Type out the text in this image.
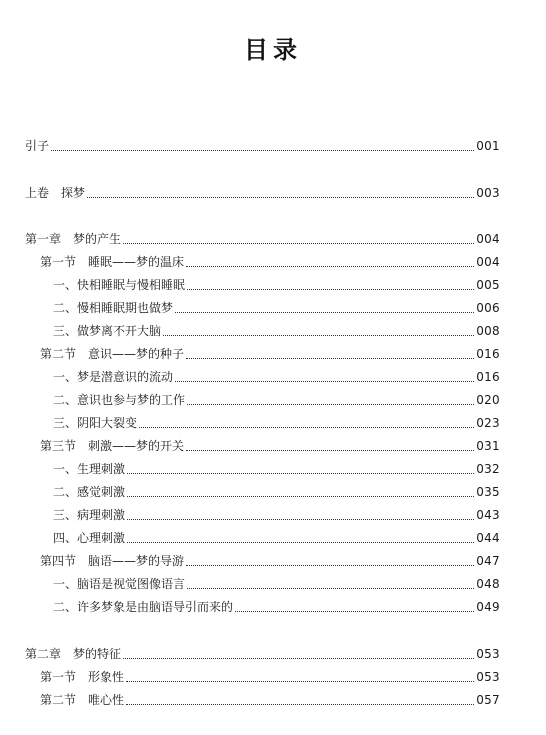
目录
引子	001
上卷　探梦	003
第一章　梦的产生	004
第一节　睡眠——梦的温床	004
一、快相睡眠与慢相睡眠	005
二、慢相睡眠期也做梦	006
三、做梦离不开大脑	008
第二节　意识——梦的种子	016
一、梦是潜意识的流动	016
二、意识也参与梦的工作	020
三、阴阳大裂变	023
第三节　刺激——梦的开关	031
一、生理刺激	032
二、感觉刺激	035
三、病理刺激	043
四、心理刺激	044
第四节　脑语——梦的导游	047
一、脑语是视觉图像语言	048
二、许多梦象是由脑语导引而来的	049
第二章　梦的特征	053
第一节　形象性	053
第二节　唯心性	057
